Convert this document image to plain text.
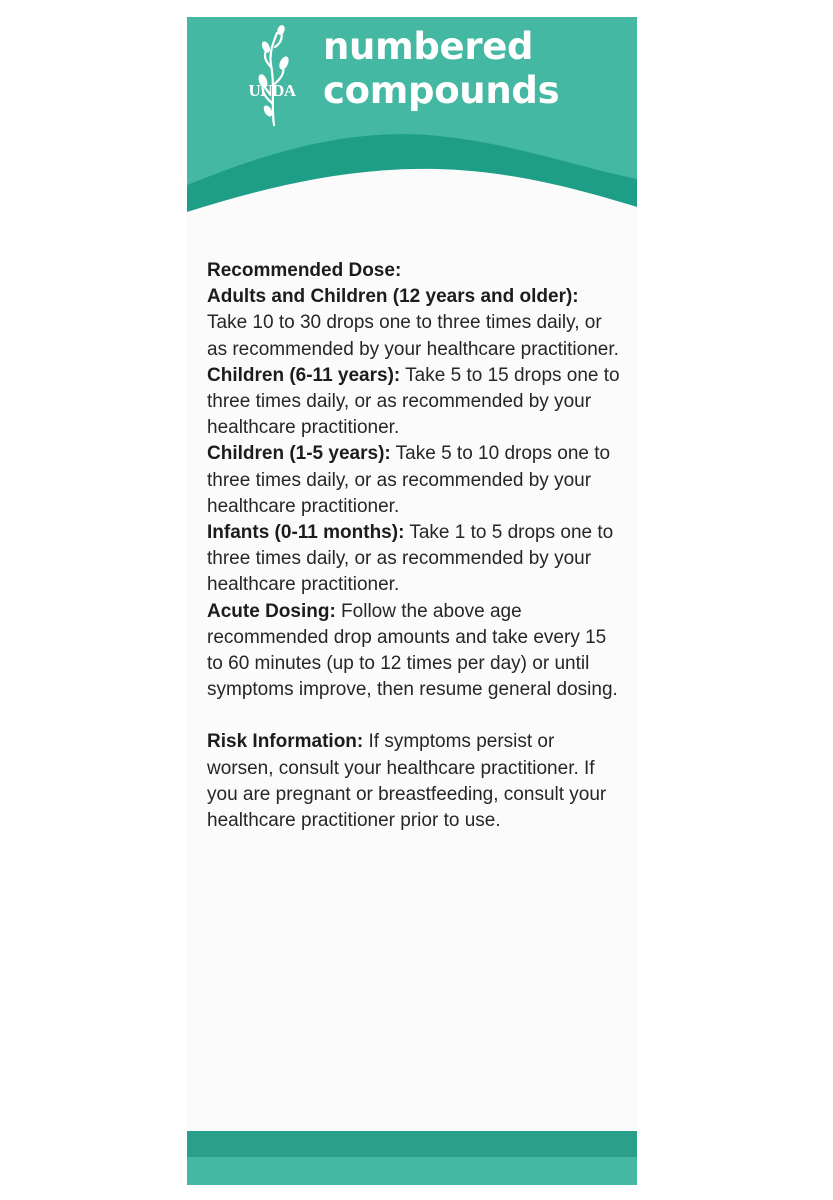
UNDA
numbered
compounds

Recommended Dose:

Adults and Children (12 years and older): Take 10 to 30 drops one to three times daily, or as recommended by your healthcare practitioner.

Children (6-11 years): Take 5 to 15 drops one to three times daily, or as recommended by your healthcare practitioner.

Children (1-5 years): Take 5 to 10 drops one to three times daily, or as recommended by your healthcare practitioner.

Infants (0-11 months): Take 1 to 5 drops one to three times daily, or as recommended by your healthcare practitioner.

Acute Dosing: Follow the above age recommended drop amounts and take every 15 to 60 minutes (up to 12 times per day) or until symptoms improve, then resume general dosing.

Risk Information: If symptoms persist or worsen, consult your healthcare practitioner. If you are pregnant or breastfeeding, consult your healthcare practitioner prior to use.
